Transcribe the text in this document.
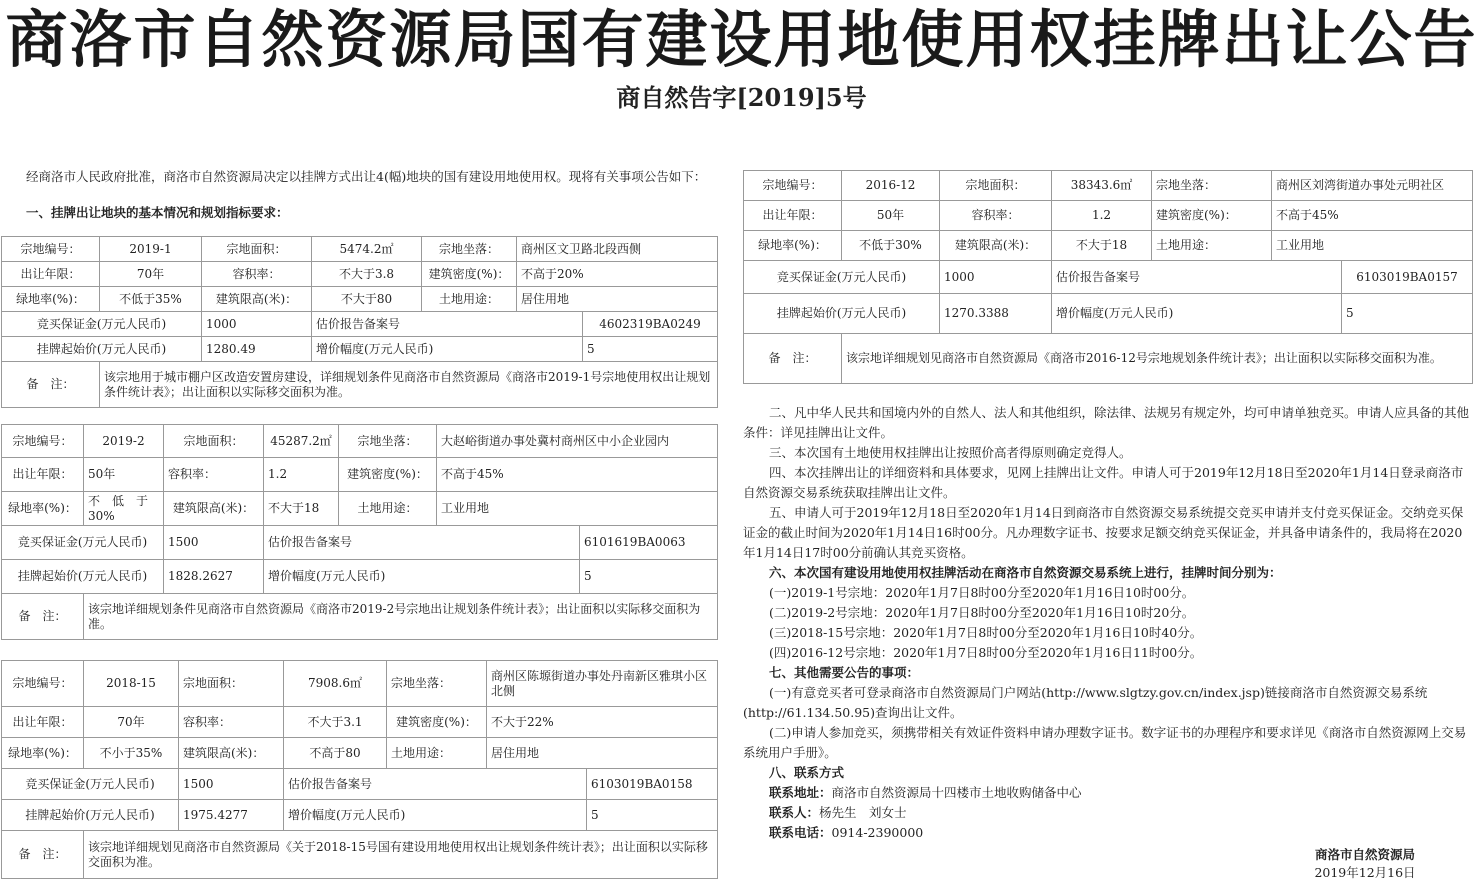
商洛市自然资源局国有建设用地使用权挂牌出让公告
商自然告字[2019]5号
经商洛市人民政府批准，商洛市自然资源局决定以挂牌方式出让4(幅)地块的国有建设用地使用权。现将有关事项公告如下：
一、挂牌出让地块的基本情况和规划指标要求：
宗地编号：	2019-1	宗地面积：	5474.2㎡	宗地坐落：	商州区文卫路北段西侧	
出让年限：	70年	容积率：	不大于3.8	建筑密度(%)：	不高于20%	
绿地率(%)：	不低于35%	建筑限高(米)：	不大于80	土地用途：	居住用地	
竞买保证金(万元人民币)		1000	估价报告备案号			4602319BA0249
挂牌起始价(万元人民币)		1280.49	增价幅度(万元人民币)			5
备　注：	该宗地用于城市棚户区改造安置房建设，详细规划条件见商洛市自然资源局《商洛市2019-1号宗地使用权出让规划条件统计表》；出让面积以实际移交面积为准。					
宗地编号：	2019-2	宗地面积：	45287.2㎡	宗地坐落：	大赵峪街道办事处冀村商州区中小企业园内	
出让年限：	50年	容积率：	1.2	建筑密度(%)：	不高于45%	
绿地率(%)：	不　低　于30%	建筑限高(米)：	不大于18	土地用途：	工业用地	
竞买保证金(万元人民币)		1500	估价报告备案号			6101619BA0063
挂牌起始价(万元人民币)		1828.2627	增价幅度(万元人民币)			5
备　注：	该宗地详细规划条件见商洛市自然资源局《商洛市2019-2号宗地出让规划条件统计表》；出让面积以实际移交面积为准。					
宗地编号：	2018-15	宗地面积：	7908.6㎡	宗地坐落：	商州区陈塬街道办事处丹南新区雅琪小区北侧	
出让年限：	70年	容积率：	不大于3.1	建筑密度(%)：	不大于22%	
绿地率(%)：	不小于35%	建筑限高(米)：	不高于80	土地用途：	居住用地	
竞买保证金(万元人民币)		1500	估价报告备案号			6103019BA0158
挂牌起始价(万元人民币)		1975.4277	增价幅度(万元人民币)			5
备　注：	该宗地详细规划见商洛市自然资源局《关于2018-15号国有建设用地使用权出让规划条件统计表》；出让面积以实际移交面积为准。					
宗地编号：	2016-12	宗地面积：	38343.6㎡	宗地坐落：	商州区刘湾街道办事处元明社区	
出让年限：	50年	容积率：	1.2	建筑密度(%)：	不高于45%	
绿地率(%)：	不低于30%	建筑限高(米)：	不大于18	土地用途：	工业用地	
竞买保证金(万元人民币)		1000	估价报告备案号			6103019BA0157
挂牌起始价(万元人民币)		1270.3388	增价幅度(万元人民币)			5
备　注：	该宗地详细规划见商洛市自然资源局《商洛市2016-12号宗地规划条件统计表》；出让面积以实际移交面积为准。					

二、凡中华人民共和国境内外的自然人、法人和其他组织，除法律、法规另有规定外，均可申请单独竞买。申请人应具备的其他条件：详见挂牌出让文件。

三、本次国有土地使用权挂牌出让按照价高者得原则确定竞得人。

四、本次挂牌出让的详细资料和具体要求，见网上挂牌出让文件。申请人可于2019年12月18日至2020年1月14日登录商洛市自然资源交易系统获取挂牌出让文件。

五、申请人可于2019年12月18日至2020年1月14日到商洛市自然资源交易系统提交竞买申请并支付竞买保证金。交纳竞买保证金的截止时间为2020年1月14日16时00分。凡办理数字证书、按要求足额交纳竞买保证金，并具备申请条件的，我局将在2020年1月14日17时00分前确认其竞买资格。

六、本次国有建设用地使用权挂牌活动在商洛市自然资源交易系统上进行，挂牌时间分别为：

(一)2019-1号宗地：2020年1月7日8时00分至2020年1月16日10时00分。

(二)2019-2号宗地：2020年1月7日8时00分至2020年1月16日10时20分。

(三)2018-15号宗地：2020年1月7日8时00分至2020年1月16日10时40分。

(四)2016-12号宗地：2020年1月7日8时00分至2020年1月16日11时00分。

七、其他需要公告的事项：

(一)有意竞买者可登录商洛市自然资源局门户网站(http://www.slgtzy.gov.cn/index.jsp)链接商洛市自然资源交易系统(http://61.134.50.95)查询出让文件。

(二)申请人参加竞买，须携带相关有效证件资料申请办理数字证书。数字证书的办理程序和要求详见《商洛市自然资源网上交易系统用户手册》。

八、联系方式

联系地址：商洛市自然资源局十四楼市土地收购储备中心

联系人：杨先生　刘女士

联系电话：0914-2390000

商洛市自然资源局
2019年12月16日
